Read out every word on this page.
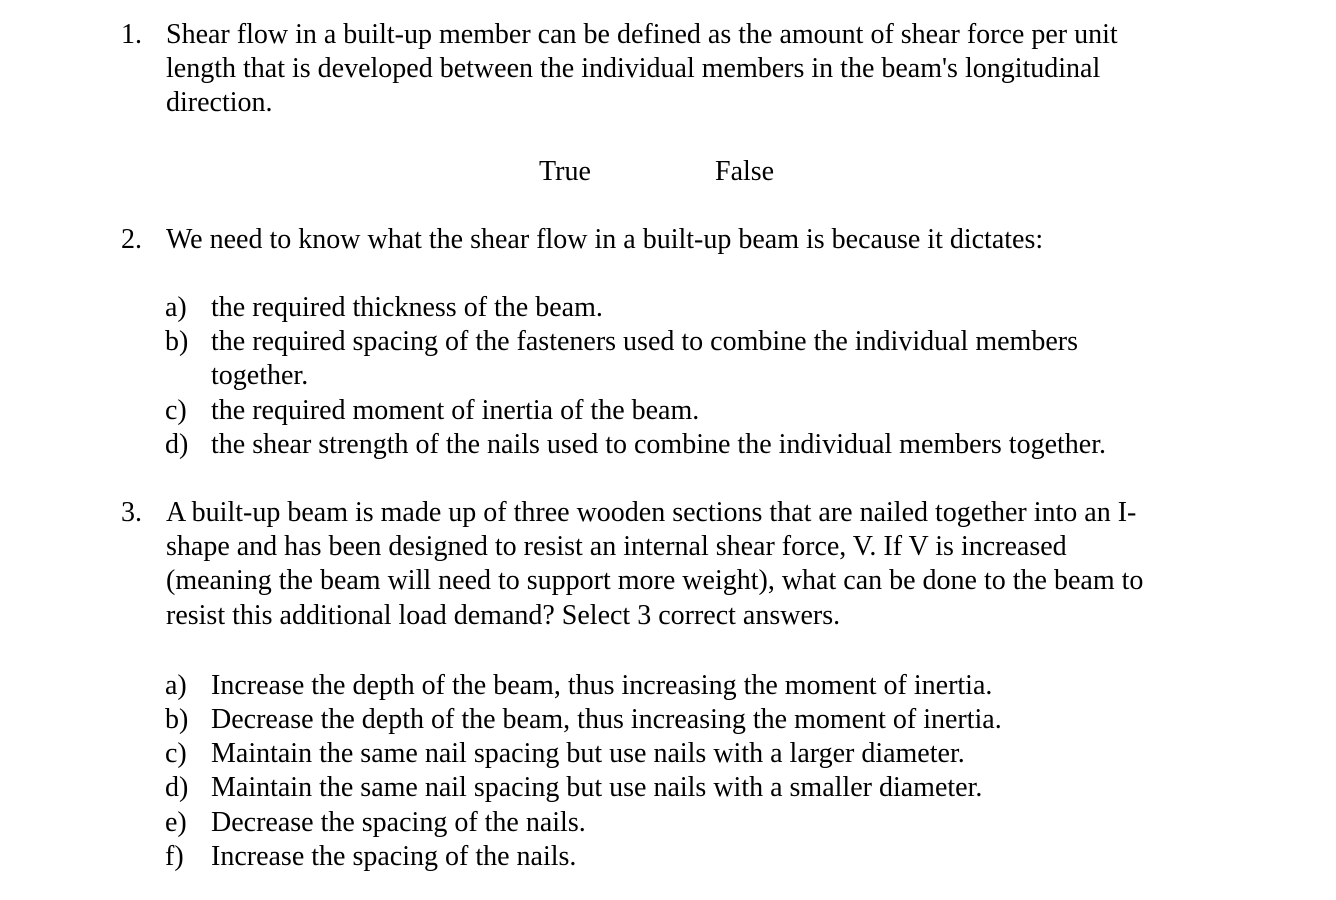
1. Shear flow in a built-up member can be defined as the amount of shear force per unit
length that is developed between the individual members in the beam's longitudinal
direction.
True	False
2. We need to know what the shear flow in a built-up beam is because it dictates:
a) the required thickness of the beam.
b) the required spacing of the fasteners used to combine the individual members
together.
c) the required moment of inertia of the beam.
d) the shear strength of the nails used to combine the individual members together.
3. A built-up beam is made up of three wooden sections that are nailed together into an I-
shape and has been designed to resist an internal shear force, V. If V is increased
(meaning the beam will need to support more weight), what can be done to the beam to
resist this additional load demand? Select 3 correct answers.
a) Increase the depth of the beam, thus increasing the moment of inertia.
b) Decrease the depth of the beam, thus increasing the moment of inertia.
c) Maintain the same nail spacing but use nails with a larger diameter.
d) Maintain the same nail spacing but use nails with a smaller diameter.
e) Decrease the spacing of the nails.
f) Increase the spacing of the nails.
